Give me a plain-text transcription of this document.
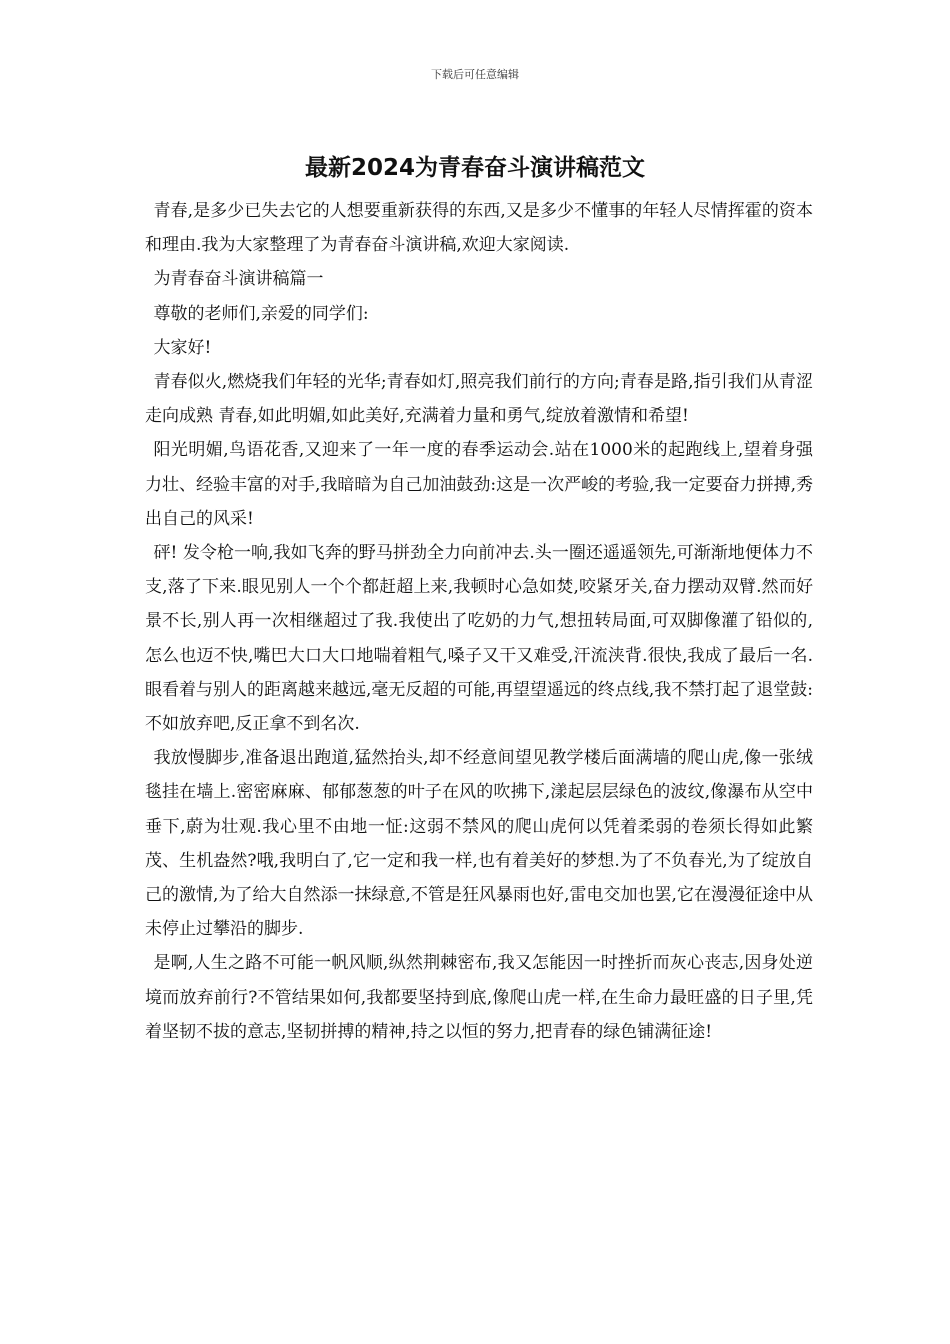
下载后可任意编辑
最新2024为青春奋斗演讲稿范文

青春,是多少已失去它的人想要重新获得的东西,又是多少不懂事的年轻人尽情挥霍的资本和理由.我为大家整理了为青春奋斗演讲稿,欢迎大家阅读.

为青春奋斗演讲稿篇一

尊敬的老师们,亲爱的同学们:

大家好!

青春似火,燃烧我们年轻的光华;青春如灯,照亮我们前行的方向;青春是路,指引我们从青涩走向成熟 青春,如此明媚,如此美好,充满着力量和勇气,绽放着激情和希望!

阳光明媚,鸟语花香,又迎来了一年一度的春季运动会.站在1000米的起跑线上,望着身强力壮、经验丰富的对手,我暗暗为自己加油鼓劲:这是一次严峻的考验,我一定要奋力拼搏,秀出自己的风采!

砰! 发令枪一响,我如飞奔的野马拼劲全力向前冲去.头一圈还遥遥领先,可渐渐地便体力不支,落了下来.眼见别人一个个都赶超上来,我顿时心急如焚,咬紧牙关,奋力摆动双臂.然而好景不长,别人再一次相继超过了我.我使出了吃奶的力气,想扭转局面,可双脚像灌了铅似的,怎么也迈不快,嘴巴大口大口地喘着粗气,嗓子又干又难受,汗流浃背.很快,我成了最后一名.眼看着与别人的距离越来越远,毫无反超的可能,再望望遥远的终点线,我不禁打起了退堂鼓: 不如放弃吧,反正拿不到名次.

我放慢脚步,准备退出跑道,猛然抬头,却不经意间望见教学楼后面满墙的爬山虎,像一张绒毯挂在墙上.密密麻麻、郁郁葱葱的叶子在风的吹拂下,漾起层层绿色的波纹,像瀑布从空中垂下,蔚为壮观.我心里不由地一怔:这弱不禁风的爬山虎何以凭着柔弱的卷须长得如此繁茂、生机盎然?哦,我明白了,它一定和我一样,也有着美好的梦想.为了不负春光,为了绽放自己的激情,为了给大自然添一抹绿意,不管是狂风暴雨也好,雷电交加也罢,它在漫漫征途中从未停止过攀沿的脚步.

是啊,人生之路不可能一帆风顺,纵然荆棘密布,我又怎能因一时挫折而灰心丧志,因身处逆境而放弃前行?不管结果如何,我都要坚持到底,像爬山虎一样,在生命力最旺盛的日子里,凭着坚韧不拔的意志,坚韧拼搏的精神,持之以恒的努力,把青春的绿色铺满征途!
